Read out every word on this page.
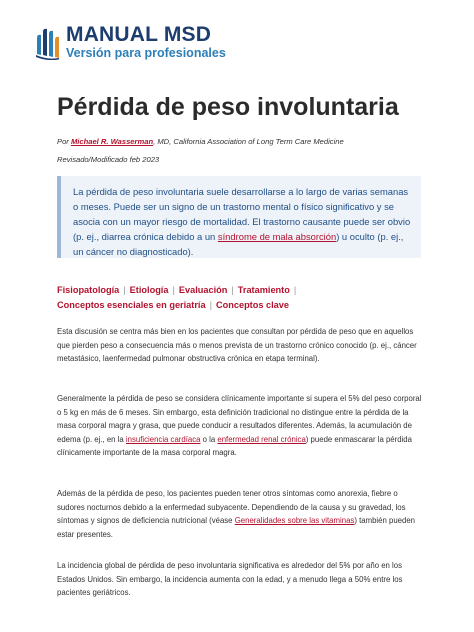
MANUAL MSD
Versión para profesionales
Pérdida de peso involuntaria
Por Michael R. Wasserman, MD, California Association of Long Term Care Medicine
Revisado/Modificado feb 2023

La pérdida de peso involuntaria suele desarrollarse a lo largo de varias semanas o meses. Puede ser un signo de un trastorno mental o físico significativo y se asocia con un mayor riesgo de mortalidad. El trastorno causante puede ser obvio (p. ej., diarrea crónica debido a un síndrome de mala absorción) u oculto (p. ej., un cáncer no diagnosticado).

Fisiopatología | Etiología | Evaluación | Tratamiento |
Conceptos esenciales en geriatría | Conceptos clave

Esta discusión se centra más bien en los pacientes que consultan por pérdida de peso que en aquellos que pierden peso a consecuencia más o menos prevista de un trastorno crónico conocido (p. ej., cáncer metastásico, laenfermedad pulmonar obstructiva crónica en etapa terminal).

Generalmente la pérdida de peso se considera clínicamente importante si supera el 5% del peso corporal o 5 kg en más de 6 meses. Sin embargo, esta definición tradicional no distingue entre la pérdida de la masa corporal magra y grasa, que puede conducir a resultados diferentes. Además, la acumulación de edema (p. ej., en la insuficiencia cardíaca o la enfermedad renal crónica) puede enmascarar la pérdida clínicamente importante de la masa corporal magra.

Además de la pérdida de peso, los pacientes pueden tener otros síntomas como anorexia, fiebre o sudores nocturnos debido a la enfermedad subyacente. Dependiendo de la causa y su gravedad, los síntomas y signos de deficiencia nutricional (véase Generalidades sobre las vitaminas) también pueden estar presentes.

La incidencia global de pérdida de peso involuntaria significativa es alrededor del 5% por año en los Estados Unidos. Sin embargo, la incidencia aumenta con la edad, y a menudo llega a 50% entre los pacientes geriátricos.
